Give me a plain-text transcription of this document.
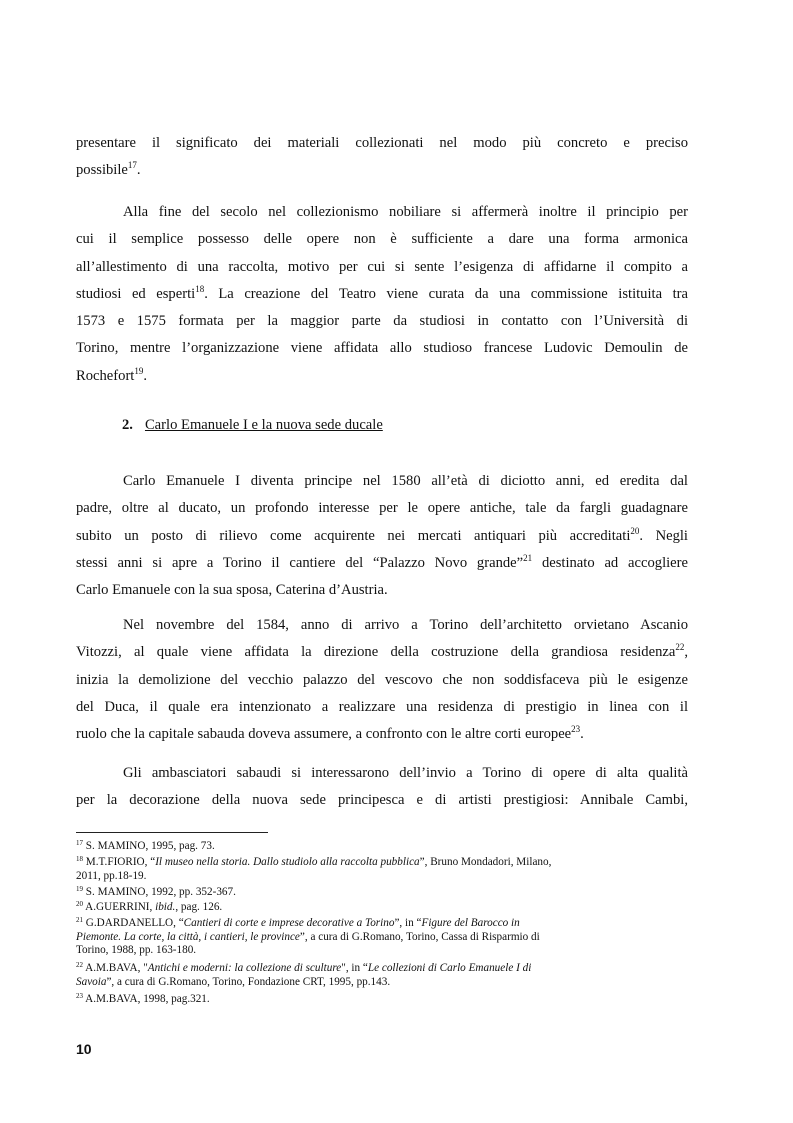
presentare il significato dei materiali collezionati nel modo più concreto e preciso
possibile$^{17}$.
Alla fine del secolo nel collezionismo nobiliare si affermerà inoltre il principio per
cui il semplice possesso delle opere non è sufficiente a dare una forma armonica
all’allestimento di una raccolta, motivo per cui si sente l’esigenza di affidarne il compito a
studiosi ed esperti$^{18}$. La creazione del Teatro viene curata da una commissione istituita tra
1573 e 1575 formata per la maggior parte da studiosi in contatto con l’Università di
Torino, mentre l’organizzazione viene affidata allo studioso francese Ludovic Demoulin de
Rochefort$^{19}$.
2. Carlo Emanuele I e la nuova sede ducale
Carlo Emanuele I diventa principe nel 1580 all’età di diciotto anni, ed eredita dal
padre, oltre al ducato, un profondo interesse per le opere antiche, tale da fargli guadagnare
subito un posto di rilievo come acquirente nei mercati antiquari più accreditati$^{20}$. Negli
stessi anni si apre a Torino il cantiere del “Palazzo Novo grande”$^{21}$ destinato ad accogliere
Carlo Emanuele con la sua sposa, Caterina d’Austria.
Nel novembre del 1584, anno di arrivo a Torino dell’architetto orvietano Ascanio
Vitozzi, al quale viene affidata la direzione della costruzione della grandiosa residenza$^{22}$,
inizia la demolizione del vecchio palazzo del vescovo che non soddisfaceva più le esigenze
del Duca, il quale era intenzionato a realizzare una residenza di prestigio in linea con il
ruolo che la capitale sabauda doveva assumere, a confronto con le altre corti europee$^{23}$.
Gli ambasciatori sabaudi si interessarono dell’invio a Torino di opere di alta qualità
per la decorazione della nuova sede principesca e di artisti prestigiosi: Annibale Cambi,
$^{17}$ S. MAMINO, 1995, pag. 73.
$^{18}$ M.T.FIORIO, “Il museo nella storia. Dallo studiolo alla raccolta pubblica”, Bruno Mondadori, Milano,
2011, pp.18-19.
$^{19}$ S. MAMINO, 1992, pp. 352-367.
$^{20}$ A.GUERRINI, ibid., pag. 126.
$^{21}$ G.DARDANELLO, “Cantieri di corte e imprese decorative a Torino”, in “Figure del Barocco in
Piemonte. La corte, la città, i cantieri, le province”, a cura di G.Romano, Torino, Cassa di Risparmio di
Torino, 1988, pp. 163-180.
$^{22}$ A.M.BAVA, "Antichi e moderni: la collezione di sculture", in “Le collezioni di Carlo Emanuele I di
Savoia”, a cura di G.Romano, Torino, Fondazione CRT, 1995, pp.143.
$^{23}$ A.M.BAVA, 1998, pag.321.
10
